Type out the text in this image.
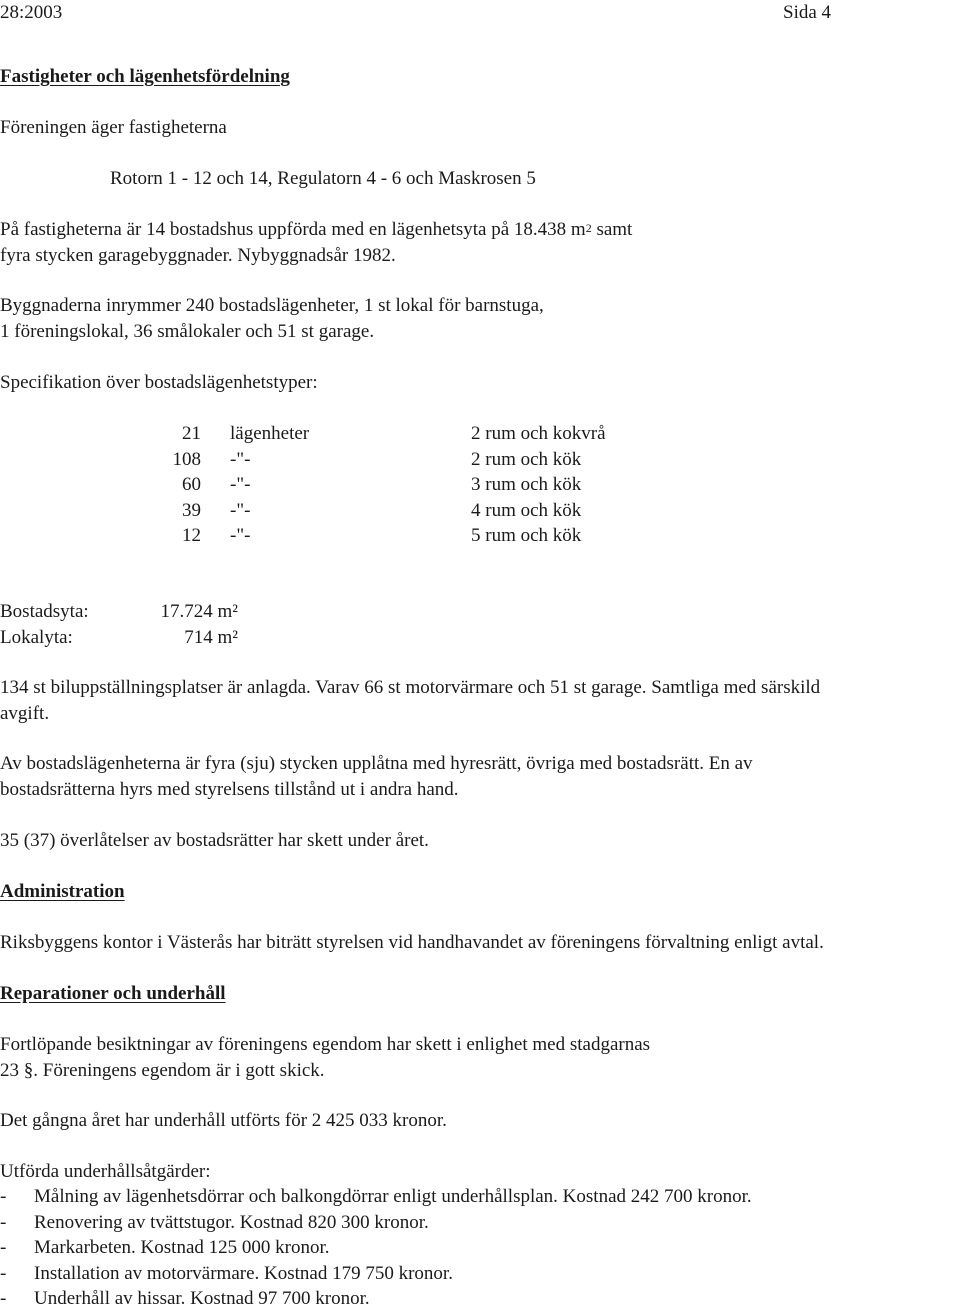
28:2003	Sida 4

Fastigheter och lägenhetsfördelning

Föreningen äger fastigheterna

Rotorn 1 - 12 och 14, Regulatorn 4 - 6 och Maskrosen 5

På fastigheterna är 14 bostadshus uppförda med en lägenhetsyta på 18.438 $m^2$ samt
fyra stycken garagebyggnader. Nybyggnadsår 1982.
Byggnaderna inrymmer 240 bostadslägenheter, 1 st lokal för barnstuga,
1 föreningslokal, 36 smålokaler och 51 st garage.

Specifikation över bostadslägenhetstyper:

21	lägenheter	2 rum och kokvrå
108	-"-	2 rum och kök
60	-"-	3 rum och kök
39	-"-	4 rum och kök
12	-"-	5 rum och kök
Bostadsyta:	17.724 m²
Lokalyta:	714 m²
134 st biluppställningsplatser är anlagda. Varav 66 st motorvärmare och 51 st garage. Samtliga med särskild
avgift.
Av bostadslägenheterna är fyra (sju) stycken upplåtna med hyresrätt, övriga med bostadsrätt. En av
bostadsrätterna hyrs med styrelsens tillstånd ut i andra hand.

35 (37) överlåtelser av bostadsrätter har skett under året.

Administration

Riksbyggens kontor i Västerås har biträtt styrelsen vid handhavandet av föreningens förvaltning enligt avtal.

Reparationer och underhåll

Fortlöpande besiktningar av föreningens egendom har skett i enlighet med stadgarnas
23 §. Föreningens egendom är i gott skick.

Det gångna året har underhåll utförts för 2 425 033 kronor.

Utförda underhållsåtgärder:

- Målning av lägenhetsdörrar och balkongdörrar enligt underhållsplan. Kostnad 242 700 kronor.
- Renovering av tvättstugor. Kostnad 820 300 kronor.
- Markarbeten. Kostnad 125 000 kronor.
- Installation av motorvärmare. Kostnad 179 750 kronor.
- Underhåll av hissar. Kostnad 97 700 kronor.
